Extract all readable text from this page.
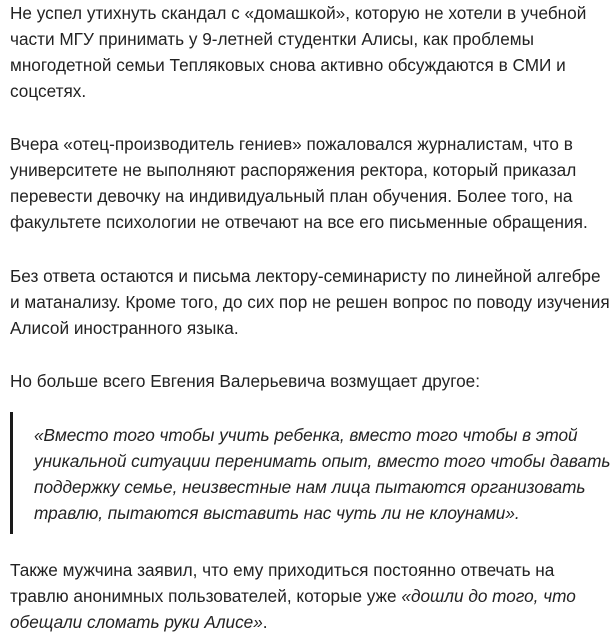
Не успел утихнуть скандал с «домашкой», которую не хотели в учебной
части МГУ принимать у 9-летней студентки Алисы, как проблемы
многодетной семьи Тепляковых снова активно обсуждаются в СМИ и
соцсетях.

Вчера «отец-производитель гениев» пожаловался журналистам, что в
университете не выполняют распоряжения ректора, который приказал
перевести девочку на индивидуальный план обучения. Более того, на
факультете психологии не отвечают на все его письменные обращения.

Без ответа остаются и письма лектору-семинаристу по линейной алгебре
и матанализу. Кроме того, до сих пор не решен вопрос по поводу изучения
Алисой иностранного языка.

Но больше всего Евгения Валерьевича возмущает другое:

«Вместо того чтобы учить ребенка, вместо того чтобы в этой
уникальной ситуации перенимать опыт, вместо того чтобы давать
поддержку семье, неизвестные нам лица пытаются организовать
травлю, пытаются выставить нас чуть ли не клоунами».

Также мужчина заявил, что ему приходиться постоянно отвечать на
травлю анонимных пользователей, которые уже «дошли до того, что
обещали сломать руки Алисе».
